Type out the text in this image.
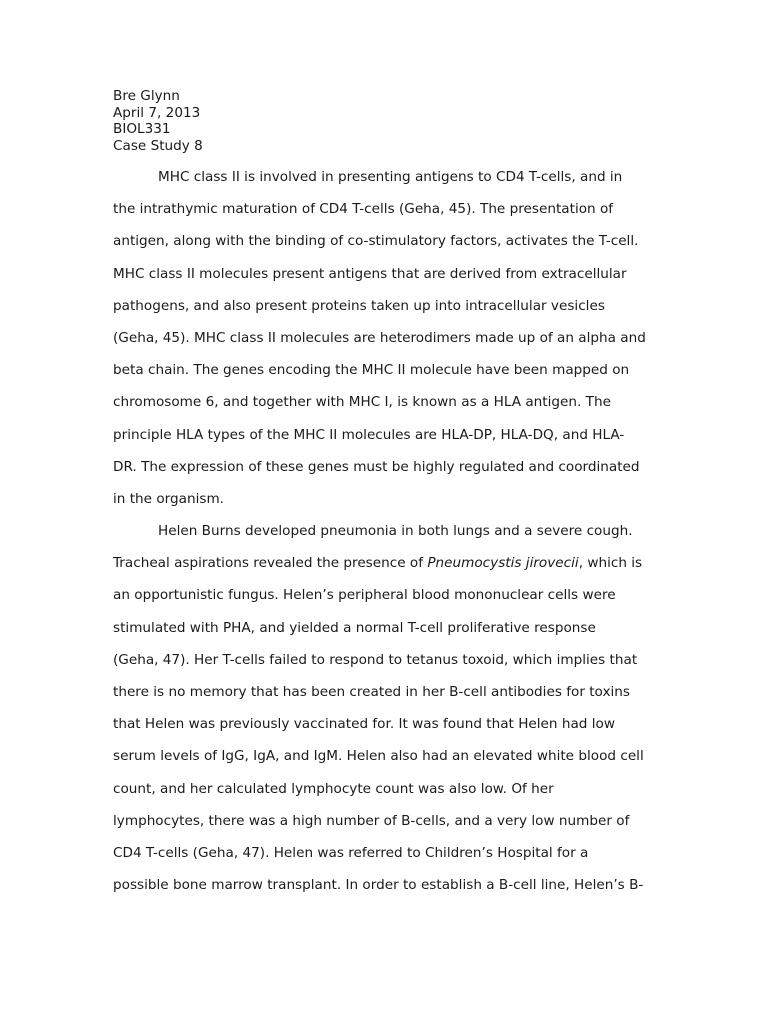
Bre Glynn
April 7, 2013
BIOL331
Case Study 8
MHC class II is involved in presenting antigens to CD4 T-cells, and in
the intrathymic maturation of CD4 T-cells (Geha, 45). The presentation of
antigen, along with the binding of co-stimulatory factors, activates the T-cell.
MHC class II molecules present antigens that are derived from extracellular
pathogens, and also present proteins taken up into intracellular vesicles
(Geha, 45). MHC class II molecules are heterodimers made up of an alpha and
beta chain. The genes encoding the MHC II molecule have been mapped on
chromosome 6, and together with MHC I, is known as a HLA antigen. The
principle HLA types of the MHC II molecules are HLA-DP, HLA-DQ, and HLA-
DR. The expression of these genes must be highly regulated and coordinated
in the organism.
Helen Burns developed pneumonia in both lungs and a severe cough.
Tracheal aspirations revealed the presence of Pneumocystis jirovecii, which is
an opportunistic fungus. Helen’s peripheral blood mononuclear cells were
stimulated with PHA, and yielded a normal T-cell proliferative response
(Geha, 47). Her T-cells failed to respond to tetanus toxoid, which implies that
there is no memory that has been created in her B-cell antibodies for toxins
that Helen was previously vaccinated for. It was found that Helen had low
serum levels of IgG, IgA, and IgM. Helen also had an elevated white blood cell
count, and her calculated lymphocyte count was also low. Of her
lymphocytes, there was a high number of B-cells, and a very low number of
CD4 T-cells (Geha, 47). Helen was referred to Children’s Hospital for a
possible bone marrow transplant. In order to establish a B-cell line, Helen’s B-
